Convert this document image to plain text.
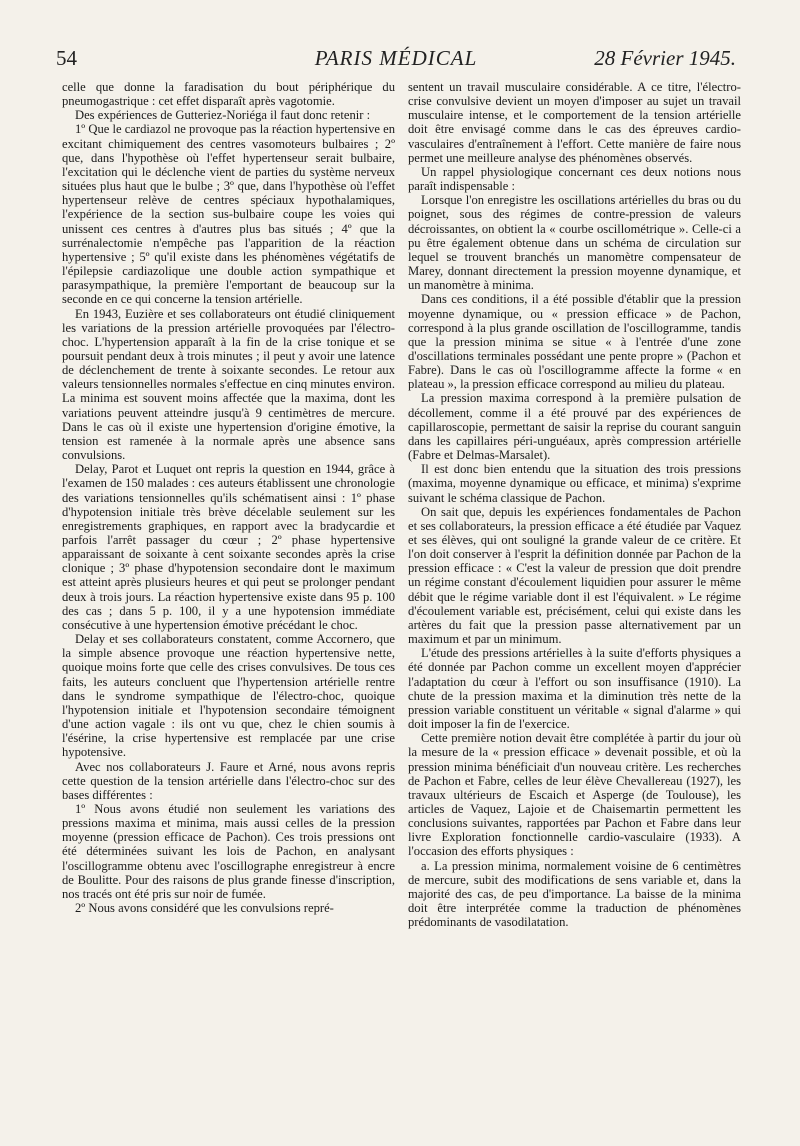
54	PARIS MÉDICAL	28 Février 1945.

celle que donne la faradisation du bout périphérique du pneumogastrique : cet effet disparaît après vagotomie.

Des expériences de Gutteriez-Noriéga il faut donc retenir :

1º Que le cardiazol ne provoque pas la réaction hypertensive en excitant chimiquement des centres vasomoteurs bulbaires ; 2º que, dans l'hypothèse où l'effet hypertenseur serait bulbaire, l'excitation qui le déclenche vient de parties du système nerveux situées plus haut que le bulbe ; 3º que, dans l'hypothèse où l'effet hypertenseur relève de centres spéciaux hypothalamiques, l'expérience de la section sus-bulbaire coupe les voies qui unissent ces centres à d'autres plus bas situés ; 4º que la surrénalectomie n'empêche pas l'apparition de la réaction hypertensive ; 5º qu'il existe dans les phénomènes végétatifs de l'épilepsie cardiazolique une double action sympathique et parasympathique, la première l'emportant de beaucoup sur la seconde en ce qui concerne la tension artérielle.

En 1943, Euzière et ses collaborateurs ont étudié cliniquement les variations de la pression artérielle provoquées par l'électro-choc. L'hypertension apparaît à la fin de la crise tonique et se poursuit pendant deux à trois minutes ; il peut y avoir une latence de déclenchement de trente à soixante secondes. Le retour aux valeurs tensionnelles normales s'effectue en cinq minutes environ. La minima est souvent moins affectée que la maxima, dont les variations peuvent atteindre jusqu'à 9 centimètres de mercure. Dans le cas où il existe une hypertension d'origine émotive, la tension est ramenée à la normale après une absence sans convulsions.

Delay, Parot et Luquet ont repris la question en 1944, grâce à l'examen de 150 malades : ces auteurs établissent une chronologie des variations tensionnelles qu'ils schématisent ainsi : 1º phase d'hypotension initiale très brève décelable seulement sur les enregistrements graphiques, en rapport avec la bradycardie et parfois l'arrêt passager du cœur ; 2º phase hypertensive apparaissant de soixante à cent soixante secondes après la crise clonique ; 3º phase d'hypotension secondaire dont le maximum est atteint après plusieurs heures et qui peut se prolonger pendant deux à trois jours. La réaction hypertensive existe dans 95 p. 100 des cas ; dans 5 p. 100, il y a une hypotension immédiate consécutive à une hypertension émotive précédant le choc.

Delay et ses collaborateurs constatent, comme Accornero, que la simple absence provoque une réaction hypertensive nette, quoique moins forte que celle des crises convulsives. De tous ces faits, les auteurs concluent que l'hypertension artérielle rentre dans le syndrome sympathique de l'électro-choc, quoique l'hypotension initiale et l'hypotension secondaire témoignent d'une action vagale : ils ont vu que, chez le chien soumis à l'ésérine, la crise hypertensive est remplacée par une crise hypotensive.

Avec nos collaborateurs J. Faure et Arné, nous avons repris cette question de la tension artérielle dans l'électro-choc sur des bases différentes :

1º Nous avons étudié non seulement les variations des pressions maxima et minima, mais aussi celles de la pression moyenne (pression efficace de Pachon). Ces trois pressions ont été déterminées suivant les lois de Pachon, en analysant l'oscillogramme obtenu avec l'oscillographe enregistreur à encre de Boulitte. Pour des raisons de plus grande finesse d'inscription, nos tracés ont été pris sur noir de fumée.

2º Nous avons considéré que les convulsions repré-

sentent un travail musculaire considérable. A ce titre, l'électro-crise convulsive devient un moyen d'imposer au sujet un travail musculaire intense, et le comportement de la tension artérielle doit être envisagé comme dans le cas des épreuves cardio-vasculaires d'entraînement à l'effort. Cette manière de faire nous permet une meilleure analyse des phénomènes observés.

Un rappel physiologique concernant ces deux notions nous paraît indispensable :

Lorsque l'on enregistre les oscillations artérielles du bras ou du poignet, sous des régimes de contre-pression de valeurs décroissantes, on obtient la « courbe oscillométrique ». Celle-ci a pu être également obtenue dans un schéma de circulation sur lequel se trouvent branchés un manomètre compensateur de Marey, donnant directement la pression moyenne dynamique, et un manomètre à minima.

Dans ces conditions, il a été possible d'établir que la pression moyenne dynamique, ou « pression efficace » de Pachon, correspond à la plus grande oscillation de l'oscillogramme, tandis que la pression minima se situe « à l'entrée d'une zone d'oscillations terminales possédant une pente propre » (Pachon et Fabre). Dans le cas où l'oscillogramme affecte la forme « en plateau », la pression efficace correspond au milieu du plateau.

La pression maxima correspond à la première pulsation de décollement, comme il a été prouvé par des expériences de capillaroscopie, permettant de saisir la reprise du courant sanguin dans les capillaires péri-unguéaux, après compression artérielle (Fabre et Delmas-Marsalet).

Il est donc bien entendu que la situation des trois pressions (maxima, moyenne dynamique ou efficace, et minima) s'exprime suivant le schéma classique de Pachon.

On sait que, depuis les expériences fondamentales de Pachon et ses collaborateurs, la pression efficace a été étudiée par Vaquez et ses élèves, qui ont souligné la grande valeur de ce critère. Et l'on doit conserver à l'esprit la définition donnée par Pachon de la pression efficace : « C'est la valeur de pression que doit prendre un régime constant d'écoulement liquidien pour assurer le même débit que le régime variable dont il est l'équivalent. » Le régime d'écoulement variable est, précisément, celui qui existe dans les artères du fait que la pression passe alternativement par un maximum et par un minimum.

L'étude des pressions artérielles à la suite d'efforts physiques a été donnée par Pachon comme un excellent moyen d'apprécier l'adaptation du cœur à l'effort ou son insuffisance (1910). La chute de la pression maxima et la diminution très nette de la pression variable constituent un véritable « signal d'alarme » qui doit imposer la fin de l'exercice.

Cette première notion devait être complétée à partir du jour où la mesure de la « pression efficace » devenait possible, et où la pression minima bénéficiait d'un nouveau critère. Les recherches de Pachon et Fabre, celles de leur élève Chevallereau (1927), les travaux ultérieurs de Escaich et Asperge (de Toulouse), les articles de Vaquez, Lajoie et de Chaisemartin permettent les conclusions suivantes, rapportées par Pachon et Fabre dans leur livre Exploration fonctionnelle cardio-vasculaire (1933). A l'occasion des efforts physiques :

a. La pression minima, normalement voisine de 6 centimètres de mercure, subit des modifications de sens variable et, dans la majorité des cas, de peu d'importance. La baisse de la minima doit être interprétée comme la traduction de phénomènes prédominants de vasodilatation.
